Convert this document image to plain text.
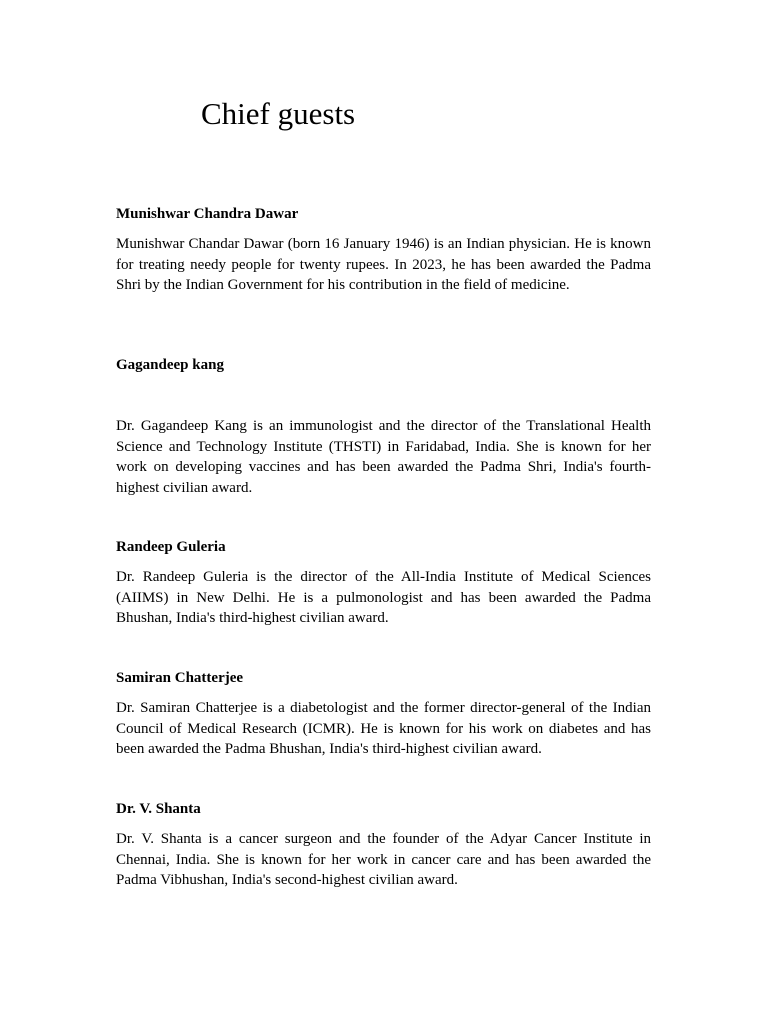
Chief guests

Munishwar Chandra Dawar

Munishwar Chandar Dawar (born 16 January 1946) is an Indian physician. He is known for treating needy people for twenty rupees. In 2023, he has been awarded the Padma Shri by the Indian Government for his contribution in the field of medicine.

Gagandeep kang

Dr. Gagandeep Kang is an immunologist and the director of the Translational Health Science and Technology Institute (THSTI) in Faridabad, India. She is known for her work on developing vaccines and has been awarded the Padma Shri, India's fourth-highest civilian award.

Randeep Guleria

Dr. Randeep Guleria is the director of the All-India Institute of Medical Sciences (AIIMS) in New Delhi. He is a pulmonologist and has been awarded the Padma Bhushan, India's third-highest civilian award.

Samiran Chatterjee

Dr. Samiran Chatterjee is a diabetologist and the former director-general of the Indian Council of Medical Research (ICMR). He is known for his work on diabetes and has been awarded the Padma Bhushan, India's third-highest civilian award.

Dr. V. Shanta

Dr. V. Shanta is a cancer surgeon and the founder of the Adyar Cancer Institute in Chennai, India. She is known for her work in cancer care and has been awarded the Padma Vibhushan, India's second-highest civilian award.
